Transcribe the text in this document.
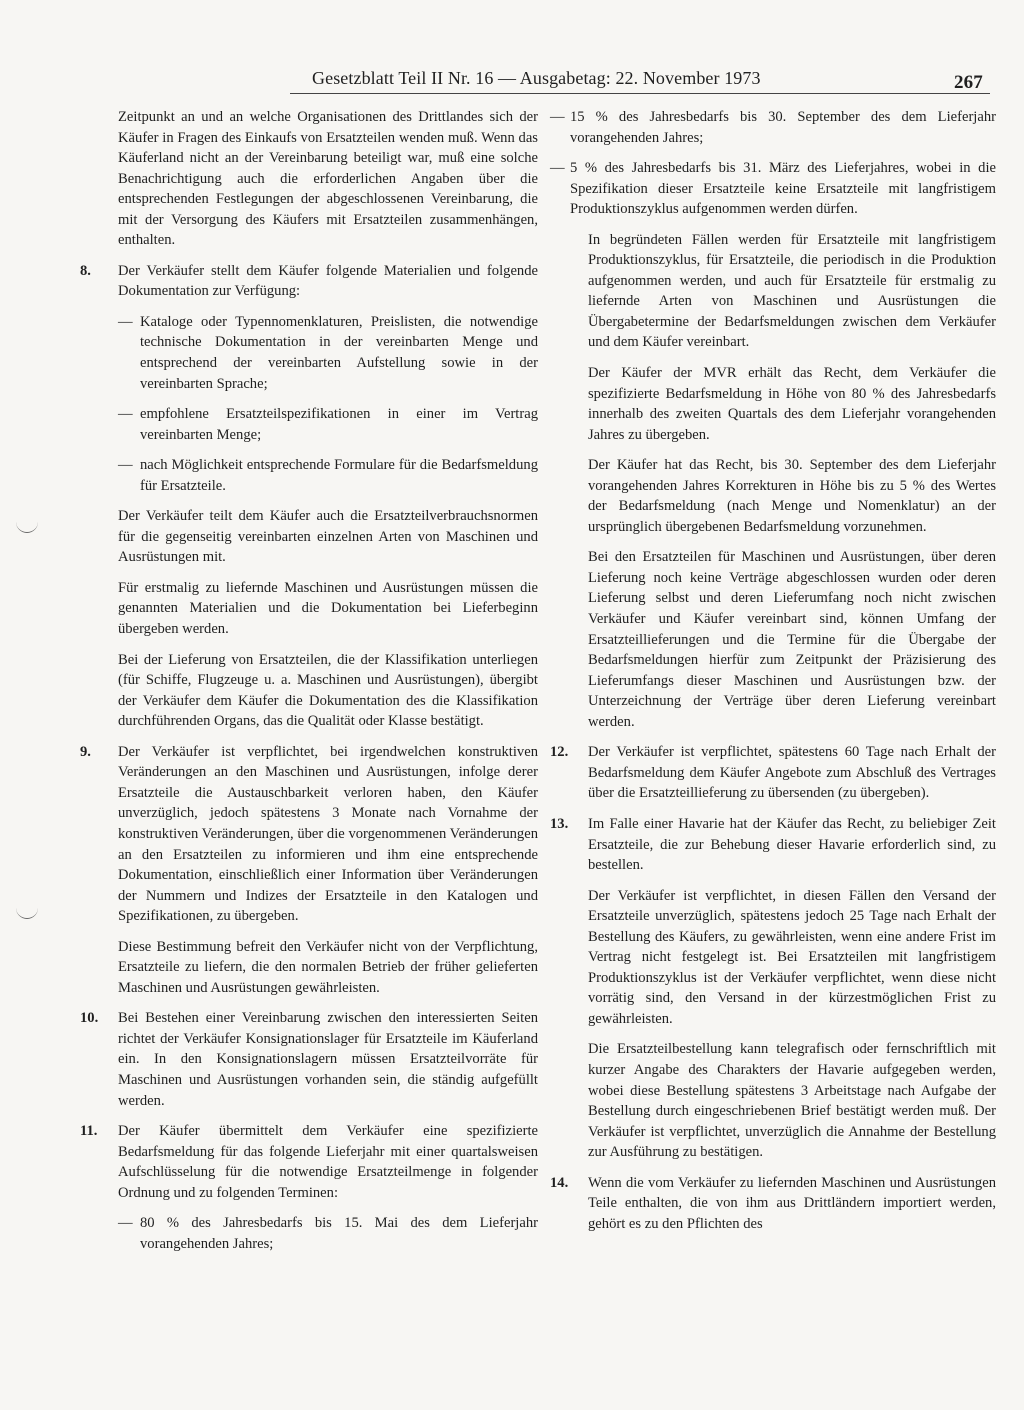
Gesetzblatt Teil II Nr. 16 — Ausgabetag: 22. November 1973	267

Zeitpunkt an und an welche Organisationen des Drittlandes sich der Käufer in Fragen des Einkaufs von Ersatzteilen wenden muß. Wenn das Käuferland nicht an der Vereinbarung beteiligt war, muß eine solche Benachrichtigung auch die erforderlichen Angaben über die entsprechenden Festlegungen der abgeschlossenen Vereinbarung, die mit der Versorgung des Käufers mit Ersatzteilen zusammenhängen, enthalten.

8.	Der Verkäufer stellt dem Käufer folgende Materialien und folgende Dokumentation zur Verfügung:

— Kataloge oder Typennomenklaturen, Preislisten, die notwendige technische Dokumentation in der vereinbarten Menge und entsprechend der vereinbarten Aufstellung sowie in der vereinbarten Sprache;

— empfohlene Ersatzteilspezifikationen in einer im Vertrag vereinbarten Menge;

— nach Möglichkeit entsprechende Formulare für die Bedarfsmeldung für Ersatzteile.

Der Verkäufer teilt dem Käufer auch die Ersatzteilverbrauchsnormen für die gegenseitig vereinbarten einzelnen Arten von Maschinen und Ausrüstungen mit.

Für erstmalig zu liefernde Maschinen und Ausrüstungen müssen die genannten Materialien und die Dokumentation bei Lieferbeginn übergeben werden.

Bei der Lieferung von Ersatzteilen, die der Klassifikation unterliegen (für Schiffe, Flugzeuge u. a. Maschinen und Ausrüstungen), übergibt der Verkäufer dem Käufer die Dokumentation des die Klassifikation durchführenden Organs, das die Qualität oder Klasse bestätigt.

9.	Der Verkäufer ist verpflichtet, bei irgendwelchen konstruktiven Veränderungen an den Maschinen und Ausrüstungen, infolge derer Ersatzteile die Austauschbarkeit verloren haben, den Käufer unverzüglich, jedoch spätestens 3 Monate nach Vornahme der konstruktiven Veränderungen, über die vorgenommenen Veränderungen an den Ersatzteilen zu informieren und ihm eine entsprechende Dokumentation, einschließlich einer Information über Veränderungen der Nummern und Indizes der Ersatzteile in den Katalogen und Spezifikationen, zu übergeben.

Diese Bestimmung befreit den Verkäufer nicht von der Verpflichtung, Ersatzteile zu liefern, die den normalen Betrieb der früher gelieferten Maschinen und Ausrüstungen gewährleisten.

10.	Bei Bestehen einer Vereinbarung zwischen den interessierten Seiten richtet der Verkäufer Konsignationslager für Ersatzteile im Käuferland ein. In den Konsignationslagern müssen Ersatzteilvorräte für Maschinen und Ausrüstungen vorhanden sein, die ständig aufgefüllt werden.

11.	Der Käufer übermittelt dem Verkäufer eine spezifizierte Bedarfsmeldung für das folgende Lieferjahr mit einer quartalsweisen Aufschlüsselung für die notwendige Ersatzteilmenge in folgender Ordnung und zu folgenden Terminen:

— 80 % des Jahresbedarfs bis 15. Mai des dem Lieferjahr vorangehenden Jahres;

— 15 % des Jahresbedarfs bis 30. September des dem Lieferjahr vorangehenden Jahres;

— 5 % des Jahresbedarfs bis 31. März des Lieferjahres, wobei in die Spezifikation dieser Ersatzteile keine Ersatzteile mit langfristigem Produktionszyklus aufgenommen werden dürfen.

In begründeten Fällen werden für Ersatzteile mit langfristigem Produktionszyklus, für Ersatzteile, die periodisch in die Produktion aufgenommen werden, und auch für Ersatzteile für erstmalig zu liefernde Arten von Maschinen und Ausrüstungen die Übergabetermine der Bedarfsmeldungen zwischen dem Verkäufer und dem Käufer vereinbart.

Der Käufer der MVR erhält das Recht, dem Verkäufer die spezifizierte Bedarfsmeldung in Höhe von 80 % des Jahresbedarfs innerhalb des zweiten Quartals des dem Lieferjahr vorangehenden Jahres zu übergeben.

Der Käufer hat das Recht, bis 30. September des dem Lieferjahr vorangehenden Jahres Korrekturen in Höhe bis zu 5 % des Wertes der Bedarfsmeldung (nach Menge und Nomenklatur) an der ursprünglich übergebenen Bedarfsmeldung vorzunehmen.

Bei den Ersatzteilen für Maschinen und Ausrüstungen, über deren Lieferung noch keine Verträge abgeschlossen wurden oder deren Lieferung selbst und deren Lieferumfang noch nicht zwischen Verkäufer und Käufer vereinbart sind, können Umfang der Ersatzteillieferungen und die Termine für die Übergabe der Bedarfsmeldungen hierfür zum Zeitpunkt der Präzisierung des Lieferumfangs dieser Maschinen und Ausrüstungen bzw. der Unterzeichnung der Verträge über deren Lieferung vereinbart werden.

12.	Der Verkäufer ist verpflichtet, spätestens 60 Tage nach Erhalt der Bedarfsmeldung dem Käufer Angebote zum Abschluß des Vertrages über die Ersatzteillieferung zu übersenden (zu übergeben).

13.	Im Falle einer Havarie hat der Käufer das Recht, zu beliebiger Zeit Ersatzteile, die zur Behebung dieser Havarie erforderlich sind, zu bestellen.

Der Verkäufer ist verpflichtet, in diesen Fällen den Versand der Ersatzteile unverzüglich, spätestens jedoch 25 Tage nach Erhalt der Bestellung des Käufers, zu gewährleisten, wenn eine andere Frist im Vertrag nicht festgelegt ist. Bei Ersatzteilen mit langfristigem Produktionszyklus ist der Verkäufer verpflichtet, wenn diese nicht vorrätig sind, den Versand in der kürzestmöglichen Frist zu gewährleisten.

Die Ersatzteilbestellung kann telegrafisch oder fernschriftlich mit kurzer Angabe des Charakters der Havarie aufgegeben werden, wobei diese Bestellung spätestens 3 Arbeitstage nach Aufgabe der Bestellung durch eingeschriebenen Brief bestätigt werden muß. Der Verkäufer ist verpflichtet, unverzüglich die Annahme der Bestellung zur Ausführung zu bestätigen.

14.	Wenn die vom Verkäufer zu liefernden Maschinen und Ausrüstungen Teile enthalten, die von ihm aus Drittländern importiert werden, gehört es zu den Pflichten des
